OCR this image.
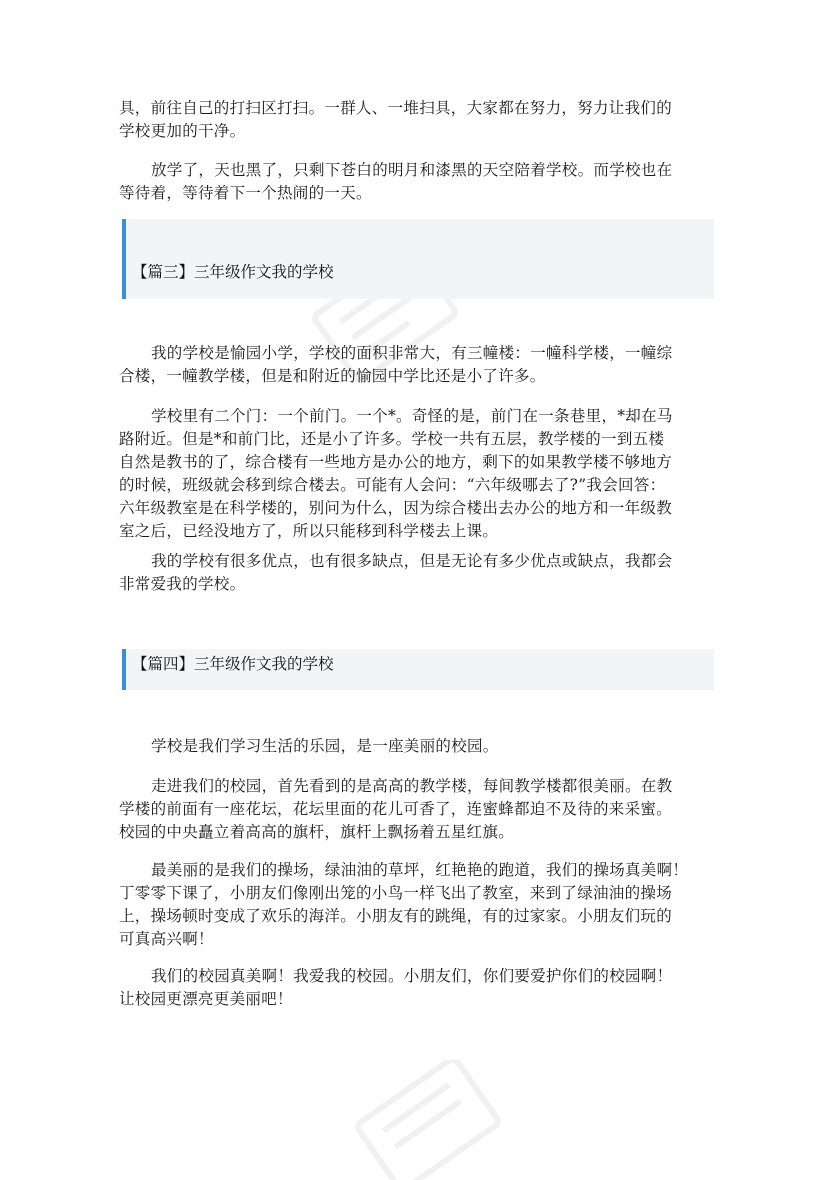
具，前往自己的打扫区打扫。一群人、一堆扫具，大家都在努力，努力让我们的
学校更加的干净。

放学了，天也黑了，只剩下苍白的明月和漆黑的天空陪着学校。而学校也在
等待着，等待着下一个热闹的一天。

【篇三】三年级作文我的学校

我的学校是愉园小学，学校的面积非常大，有三幢楼：一幢科学楼，一幢综
合楼，一幢教学楼，但是和附近的愉园中学比还是小了许多。

学校里有二个门：一个前门。一个*。奇怪的是，前门在一条巷里，*却在马
路附近。但是*和前门比，还是小了许多。学校一共有五层，教学楼的一到五楼
自然是教书的了，综合楼有一些地方是办公的地方，剩下的如果教学楼不够地方
的时候，班级就会移到综合楼去。可能有人会问：“六年级哪去了?”我会回答：
六年级教室是在科学楼的，别问为什么，因为综合楼出去办公的地方和一年级教
室之后，已经没地方了，所以只能移到科学楼去上课。

我的学校有很多优点，也有很多缺点，但是无论有多少优点或缺点，我都会
非常爱我的学校。

【篇四】三年级作文我的学校

学校是我们学习生活的乐园，是一座美丽的校园。

走进我们的校园，首先看到的是高高的教学楼，每间教学楼都很美丽。在教
学楼的前面有一座花坛，花坛里面的花儿可香了，连蜜蜂都迫不及待的来采蜜。
校园的中央矗立着高高的旗杆，旗杆上飘扬着五星红旗。

最美丽的是我们的操场，绿油油的草坪，红艳艳的跑道，我们的操场真美啊！
丁零零下课了，小朋友们像刚出笼的小鸟一样飞出了教室，来到了绿油油的操场
上，操场顿时变成了欢乐的海洋。小朋友有的跳绳，有的过家家。小朋友们玩的
可真高兴啊！

我们的校园真美啊！我爱我的校园。小朋友们，你们要爱护你们的校园啊！
让校园更漂亮更美丽吧！
